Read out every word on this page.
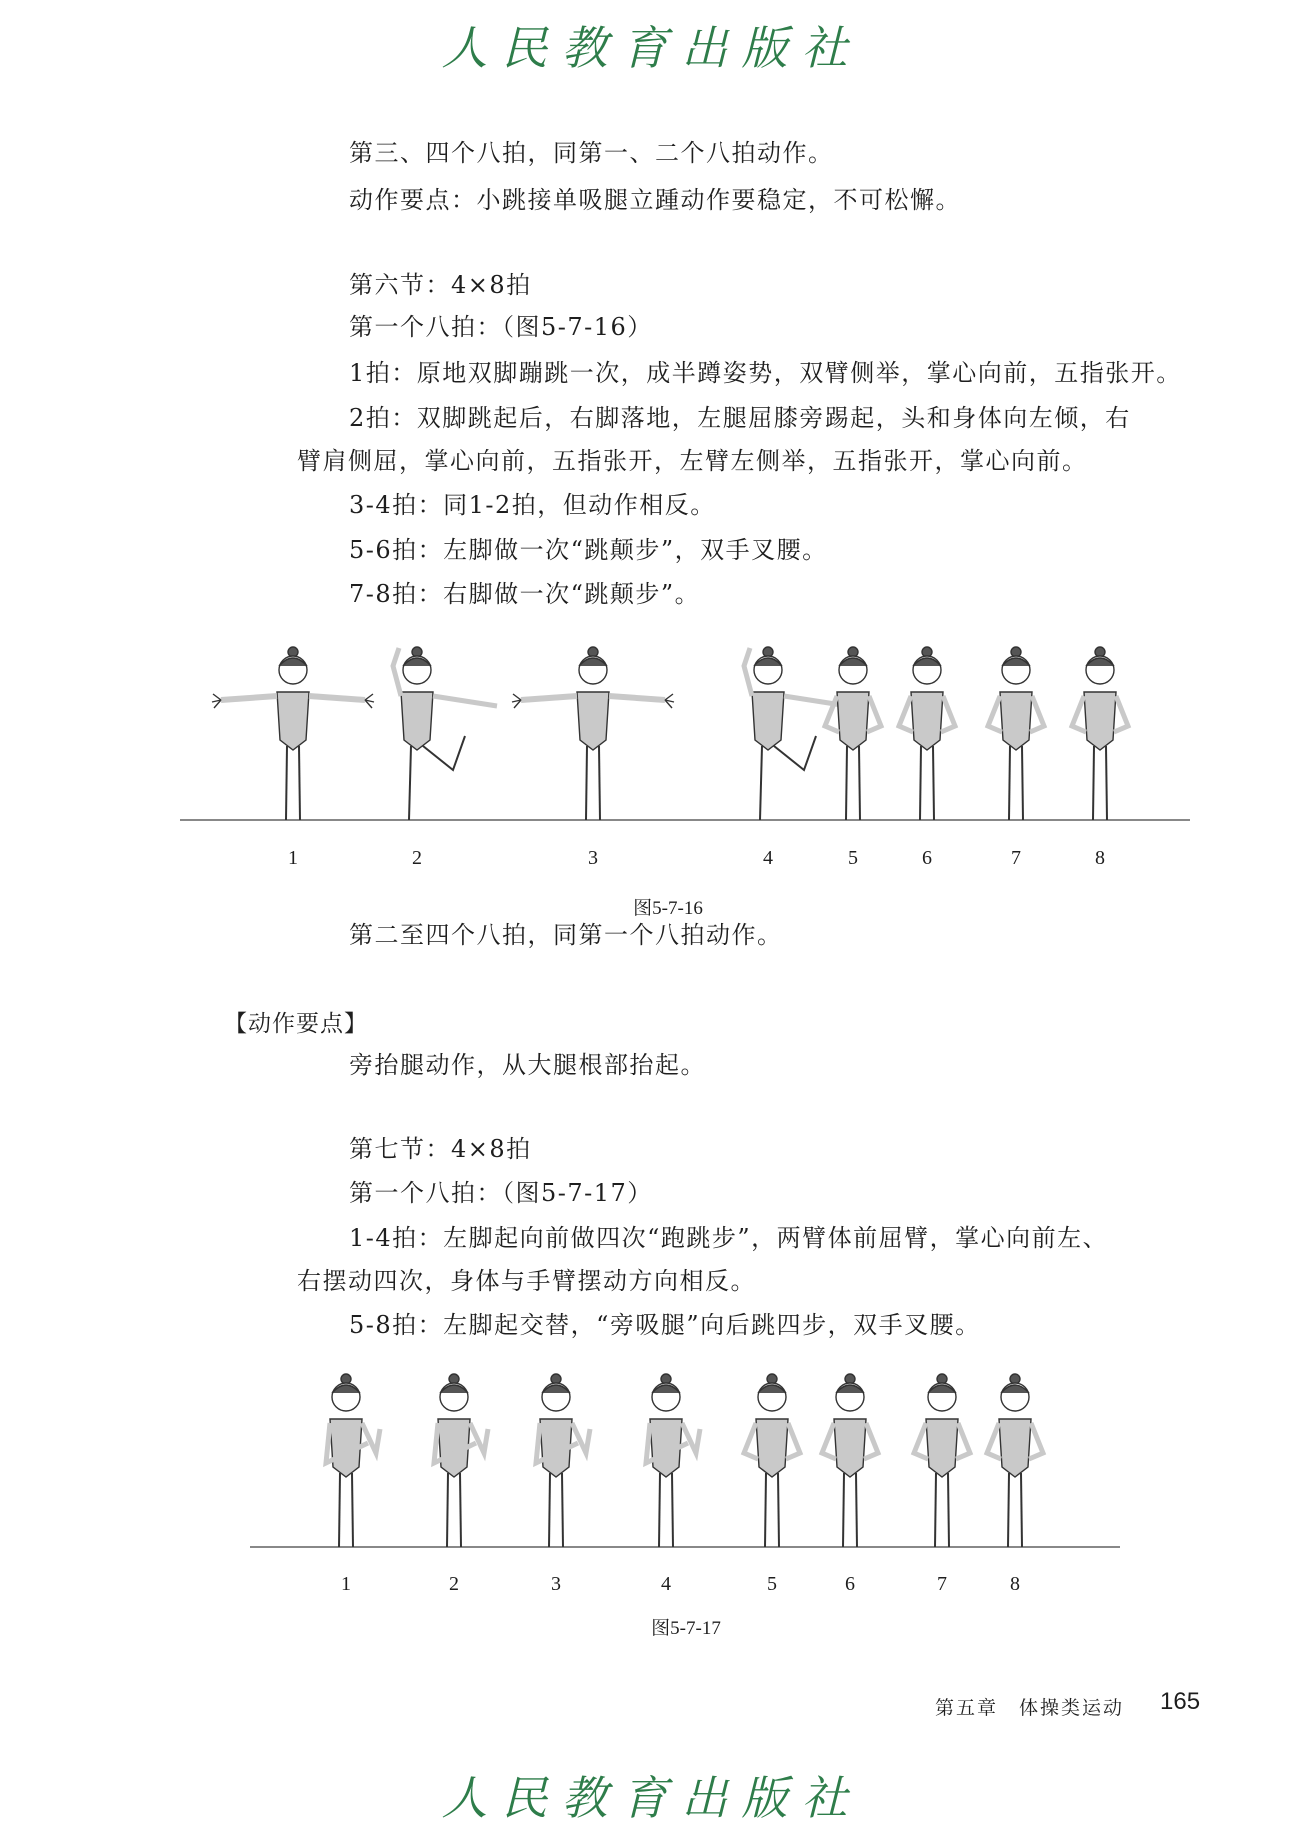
人民教育出版社
第三、四个八拍，同第一、二个八拍动作。
动作要点：小跳接单吸腿立踵动作要稳定，不可松懈。
第六节：4×8拍
第一个八拍：（图5-7-16）
1拍：原地双脚蹦跳一次，成半蹲姿势，双臂侧举，掌心向前，五指张开。
2拍：双脚跳起后，右脚落地，左腿屈膝旁踢起，头和身体向左倾，右
臂肩侧屈，掌心向前，五指张开，左臂左侧举，五指张开，掌心向前。
3-4拍：同1-2拍，但动作相反。
5-6拍：左脚做一次“跳颠步”，双手叉腰。
7-8拍：右脚做一次“跳颠步”。
1	2	3	4	5	6	7	8
图5-7-16
第二至四个八拍，同第一个八拍动作。
【动作要点】
旁抬腿动作，从大腿根部抬起。
第七节：4×8拍
第一个八拍：（图5-7-17）
1-4拍：左脚起向前做四次“跑跳步”，两臂体前屈臂，掌心向前左、
右摆动四次，身体与手臂摆动方向相反。
5-8拍：左脚起交替，“旁吸腿”向后跳四步，双手叉腰。
1	2	3	4	5	6	7	8
图5-7-17
第五章　体操类运动 165
人民教育出版社
